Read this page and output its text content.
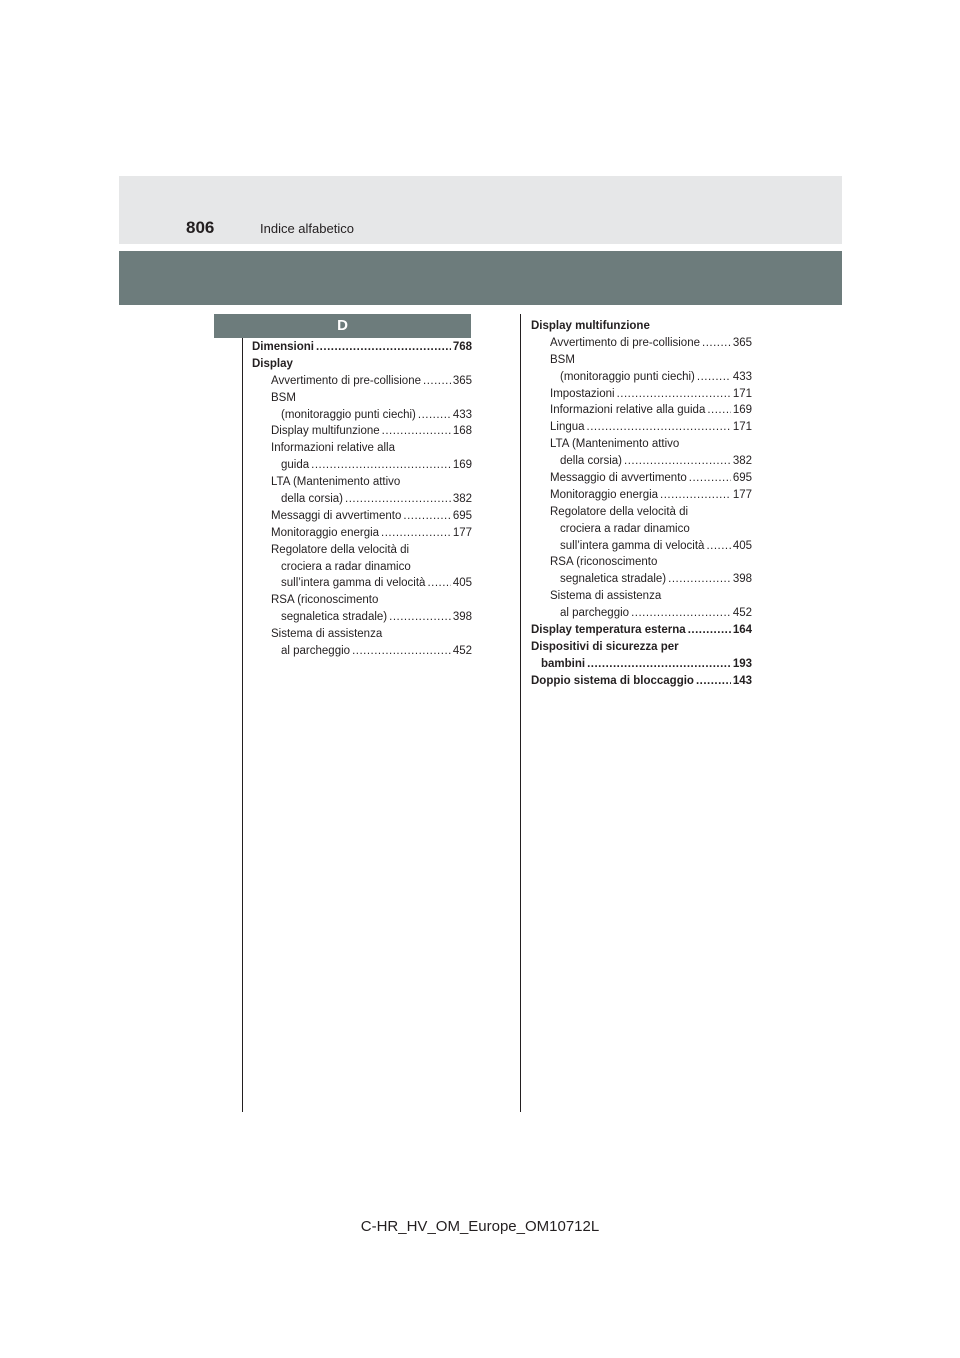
806	Indice alfabetico
D
Dimensioni .....	768
Display
Avvertimento di pre-collisione .....	365
BSM
(monitoraggio punti ciechi) .....	433
Display multifunzione .....	168
Informazioni relative alla
guida .....	169
LTA (Mantenimento attivo
della corsia) .....	382
Messaggi di avvertimento .....	695
Monitoraggio energia .....	177
Regolatore della velocità di
crociera a radar dinamico
sull’intera gamma di velocità ..... 405
RSA (riconoscimento
segnaletica stradale) .....	398
Sistema di assistenza
al parcheggio .....	452
Display multifunzione
Avvertimento di pre-collisione .....	365
BSM
(monitoraggio punti ciechi) .....	433
Impostazioni .....	171
Informazioni relative alla guida ..... 169
Lingua .....	171
LTA (Mantenimento attivo
della corsia) .....	382
Messaggio di avvertimento .....	695
Monitoraggio energia .....	177
Regolatore della velocità di
crociera a radar dinamico
sull’intera gamma di velocità ..... 405
RSA (riconoscimento
segnaletica stradale) .....	398
Sistema di assistenza
al parcheggio .....	452
Display temperatura esterna .....	164
Dispositivi di sicurezza per
bambini .....	193
Doppio sistema di bloccaggio .....	143
C-HR_HV_OM_Europe_OM10712L
